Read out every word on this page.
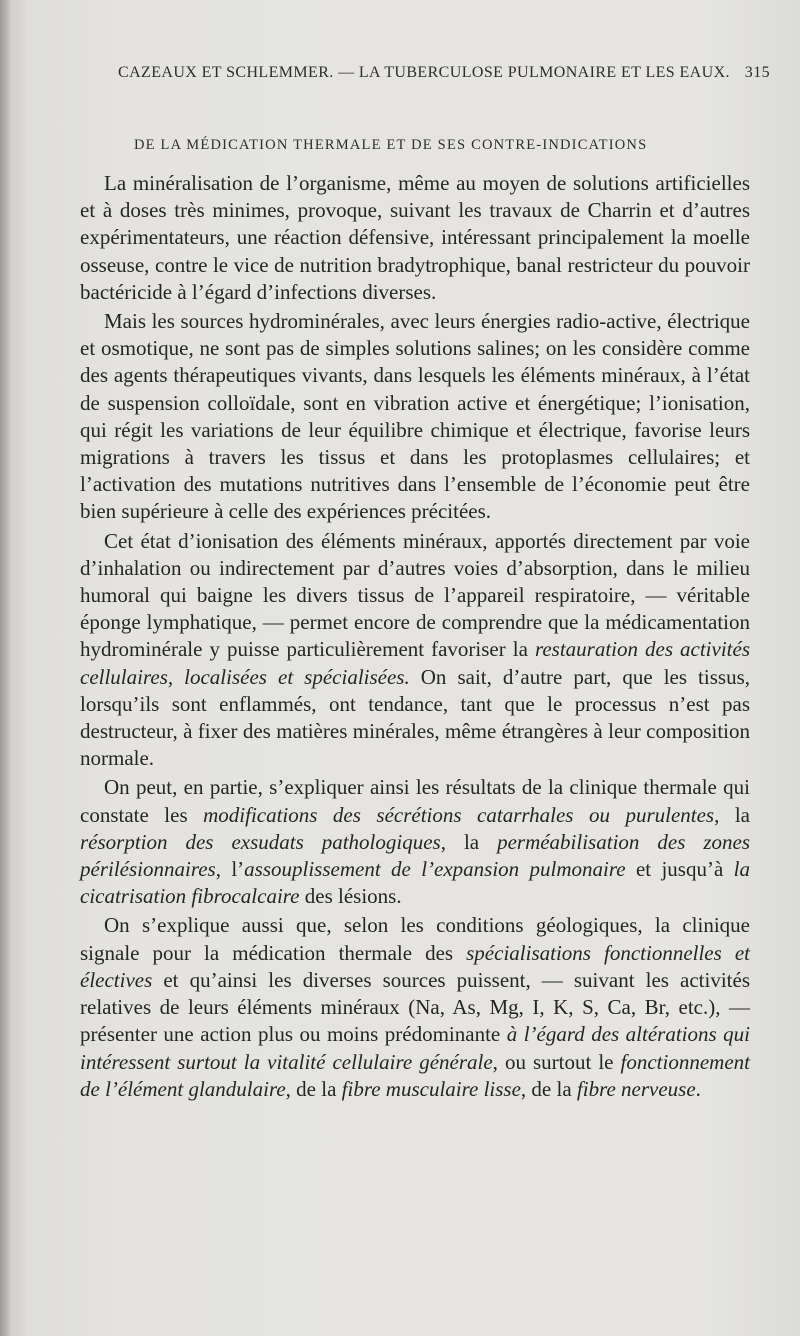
CAZEAUX ET SCHLEMMER. — LA TUBERCULOSE PULMONAIRE ET LES EAUX. 315
DE LA MÉDICATION THERMALE ET DE SES CONTRE-INDICATIONS

La minéralisation de l’organisme, même au moyen de solutions artificielles et à doses très minimes, provoque, suivant les travaux de Charrin et d’autres expérimentateurs, une réaction défensive, intéressant principalement la moelle osseuse, contre le vice de nutrition bradytrophique, banal restricteur du pouvoir bactéricide à l’égard d’infections diverses.

Mais les sources hydrominérales, avec leurs énergies radio-active, électrique et osmotique, ne sont pas de simples solutions salines; on les considère comme des agents thérapeutiques vivants, dans lesquels les éléments minéraux, à l’état de suspension colloïdale, sont en vibration active et énergétique; l’ionisation, qui régit les variations de leur équilibre chimique et électrique, favorise leurs migrations à travers les tissus et dans les protoplasmes cellulaires; et l’activation des mutations nutritives dans l’ensemble de l’économie peut être bien supérieure à celle des expériences précitées.

Cet état d’ionisation des éléments minéraux, apportés directement par voie d’inhalation ou indirectement par d’autres voies d’absorption, dans le milieu humoral qui baigne les divers tissus de l’appareil respiratoire, — véritable éponge lymphatique, — permet encore de comprendre que la médicamentation hydrominérale y puisse particulièrement favoriser la restauration des activités cellulaires, localisées et spécialisées. On sait, d’autre part, que les tissus, lorsqu’ils sont enflammés, ont tendance, tant que le processus n’est pas destructeur, à fixer des matières minérales, même étrangères à leur composition normale.

On peut, en partie, s’expliquer ainsi les résultats de la clinique thermale qui constate les modifications des sécrétions catarrhales ou purulentes, la résorption des exsudats pathologiques, la perméabilisation des zones périlésionnaires, l’assouplissement de l’expansion pulmonaire et jusqu’à la cicatrisation fibrocalcaire des lésions.

On s’explique aussi que, selon les conditions géologiques, la clinique signale pour la médication thermale des spécialisations fonctionnelles et électives et qu’ainsi les diverses sources puissent, — suivant les activités relatives de leurs éléments minéraux (Na, As, Mg, I, K, S, Ca, Br, etc.), — présenter une action plus ou moins prédominante à l’égard des altérations qui intéressent surtout la vitalité cellulaire générale, ou surtout le fonctionnement de l’élément glandulaire, de la fibre musculaire lisse, de la fibre nerveuse.
